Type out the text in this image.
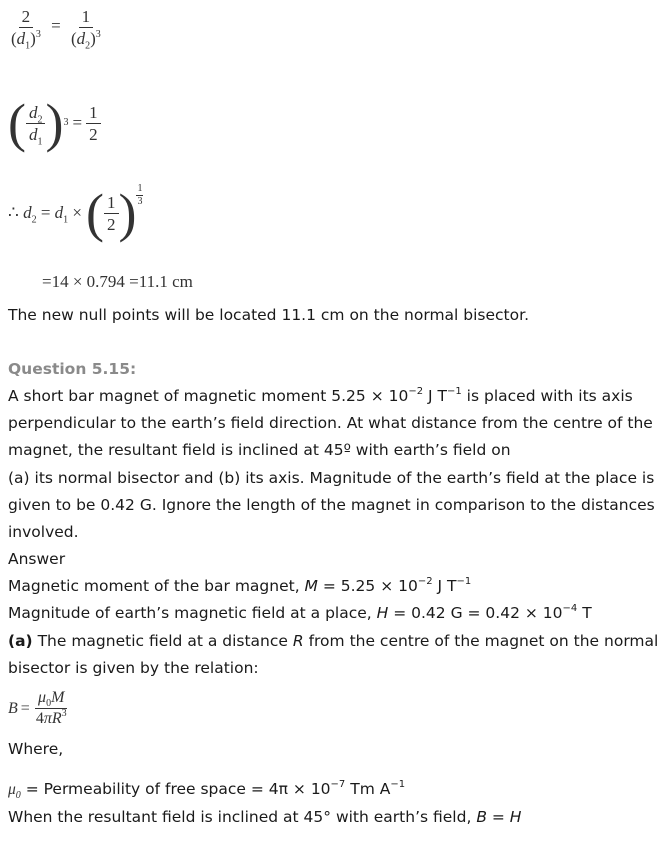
$\frac{2}{(d_1)^3} = \frac{1}{(d_2)^3}$
( $\frac{d_2}{d_1}$ ) $3 = \frac{1}{2}$
∴ $d_2 = d_1$ × ( $\frac{1}{2}$ ) $\frac{1}{3}$
=14 × 0.794 =11.1 cm
The new null points will be located 11.1 cm on the normal bisector.
Question 5.15:
A short bar magnet of magnetic moment $5.25 \times 10^{-2}$ J $T^{-1}$ is placed with its axis perpendicular to the earth’s field direction. At what distance from the centre of the magnet, the resultant field is inclined at 45º with earth’s field on
(a) its normal bisector and (b) its axis. Magnitude of the earth’s field at the place is given to be 0.42 G. Ignore the length of the magnet in comparison to the distances involved.
Answer
Magnetic moment of the bar magnet, $M = 5.25 \times 10^{-2}$ J $T^{-1}$
Magnitude of earth’s magnetic field at a place, H = 0.42 $G = 0.42 \times 10^{-4}$ T
(a) The magnetic field at a distance R from the centre of the magnet on the normal bisector is given by the relation:
$B = \frac{\mu_0M}{4\pi R^3}$
Where,
$\mu_0$ = Permeability of free space = $4\pi \times 10^{-7}$ Tm $A^{-1}$
When the resultant field is inclined at 45° with earth’s field, B = H
